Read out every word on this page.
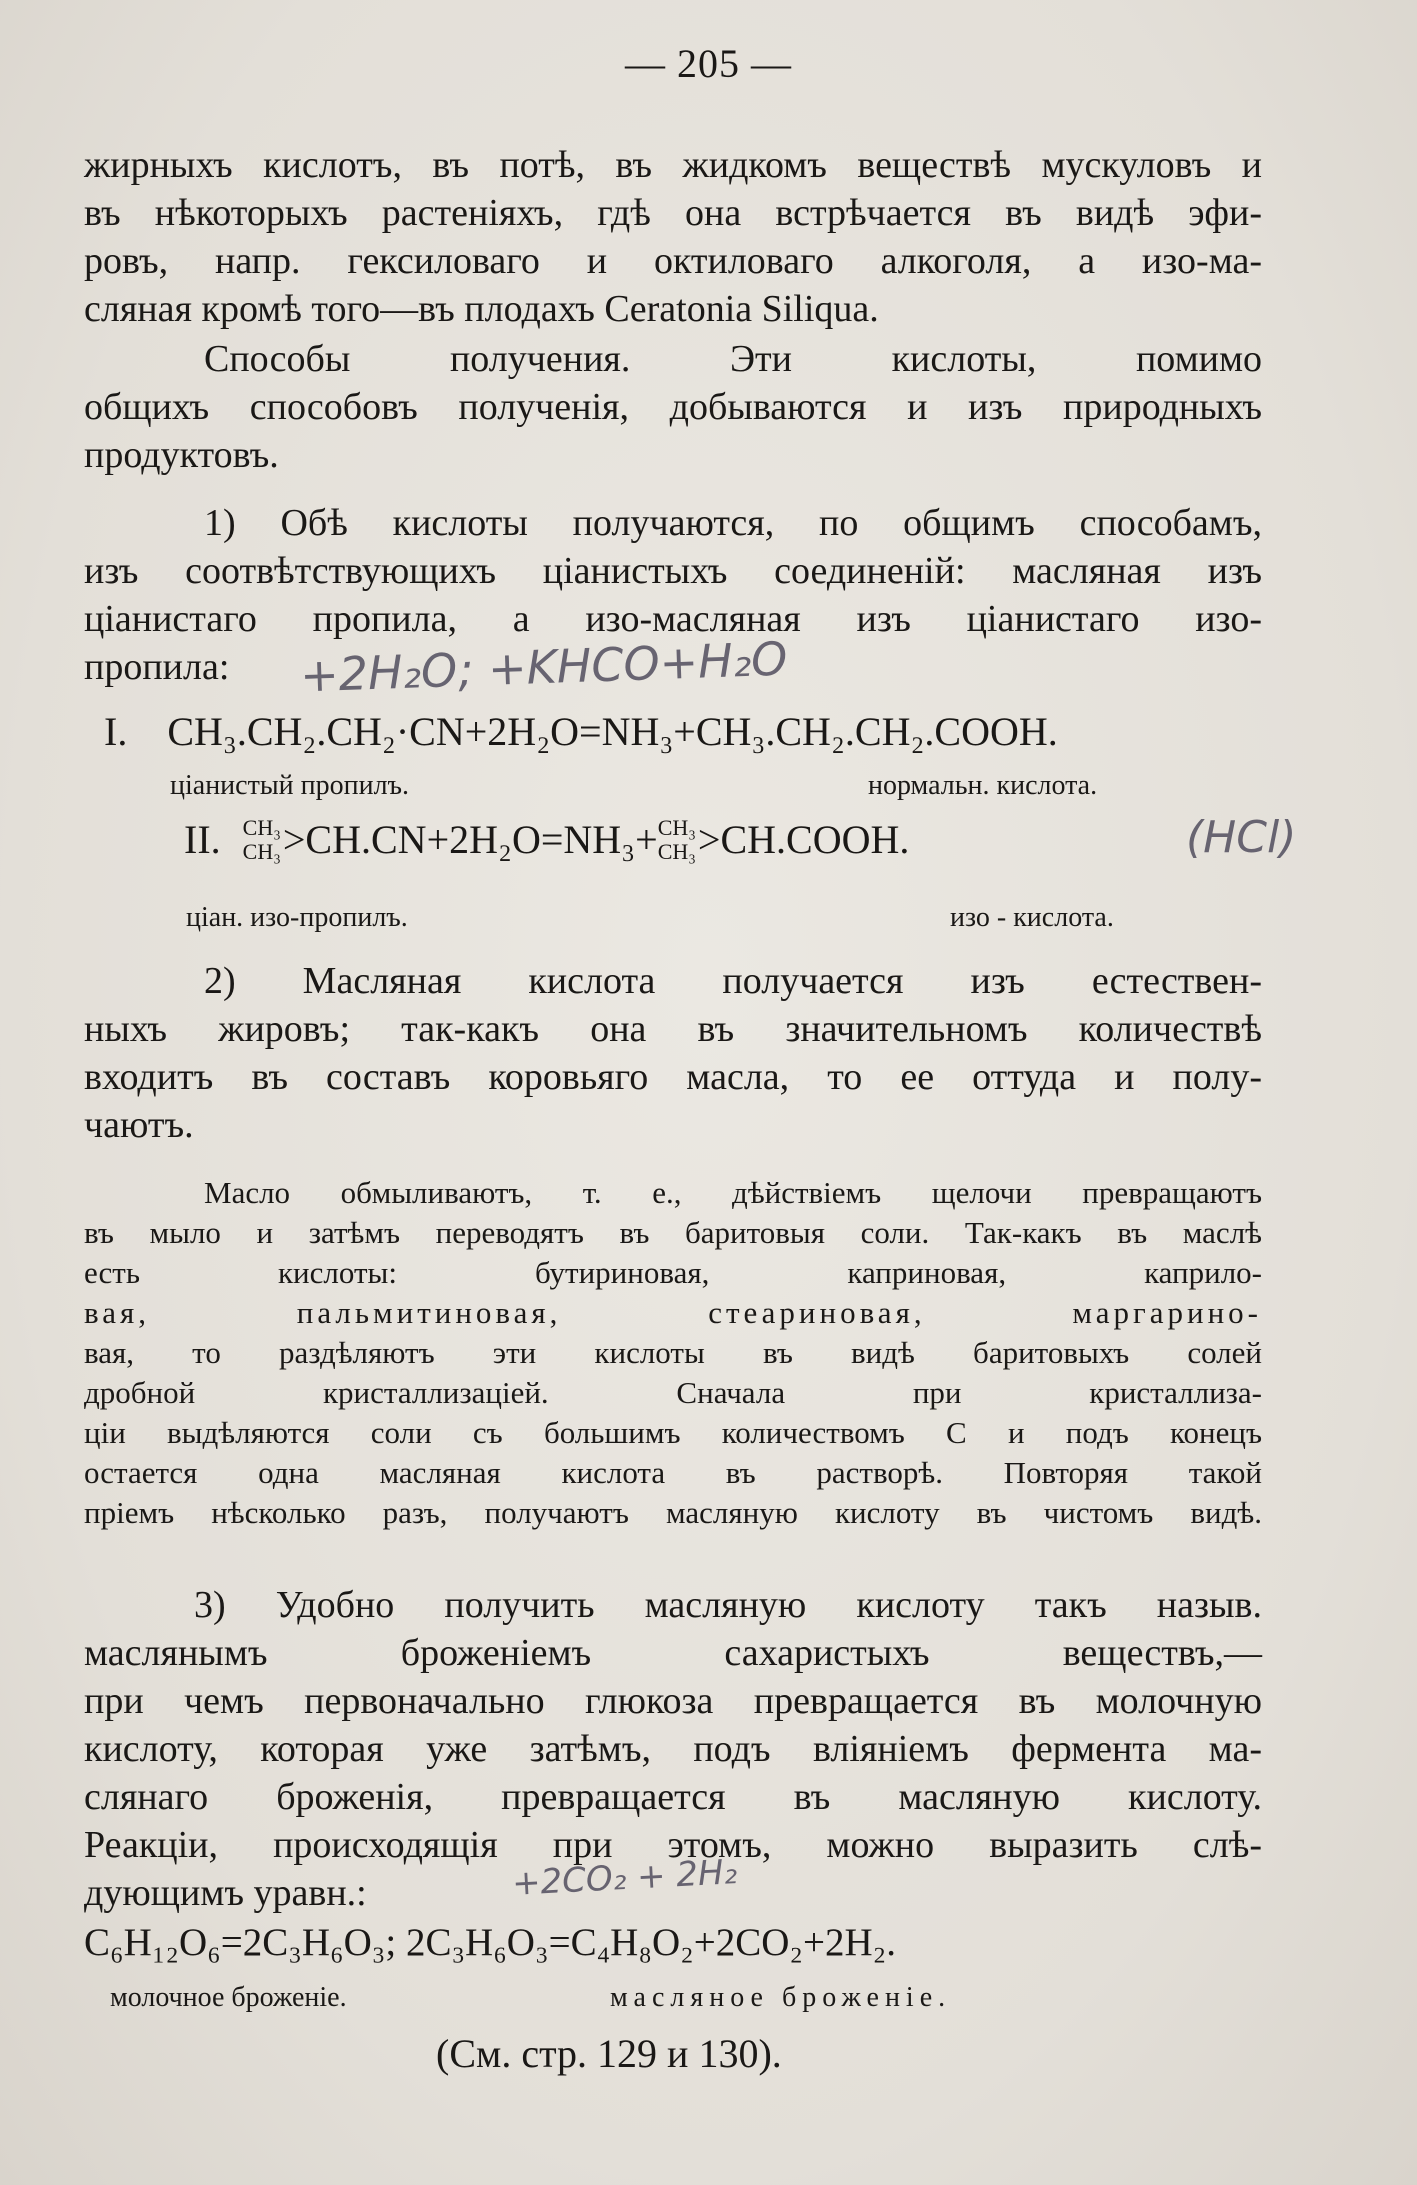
— 205 —
жирныхъ кислотъ, въ потѣ, въ жидкомъ веществѣ мускуловъ и
въ нѣкоторыхъ растеніяхъ, гдѣ она встрѣчается въ видѣ эфи-
ровъ, напр. гексиловаго и октиловаго алкоголя, а изо-ма-
сляная кромѣ того—въ плодахъ Ceratonia Siliqua.
Способы получения. Эти кислоты, помимо
общихъ способовъ полученія, добываются и изъ природныхъ
продуктовъ.
1) Обѣ кислоты получаются, по общимъ способамъ,
изъ соотвѣтствующихъ ціанистыхъ соединеній: масляная изъ
ціанистаго пропила, а изо-масляная изъ ціанистаго изо-
пропила:	+2H₂O; +KHCO+H₂O
I. CH₃.CH₂.CH₂·CN+2H₂O=NH₃+CH₃.CH₂.CH₂.COOH.
ціанистый пропилъ.	нормальн. кислота.
II. CH₃
CH₃ >CH.CN+2H₂O=NH₃+ CH₃
CH₃ >CH.COOH.	(HCl)
ціан. изо-пропилъ.	изо - кислота.
2) Масляная кислота получается изъ естествен-
ныхъ жировъ; так-какъ она въ значительномъ количествѣ
входитъ въ составъ коровьяго масла, то ее оттуда и полу-
чаютъ.
Масло обмыливаютъ, т. е., дѣйствіемъ щелочи превращаютъ
въ мыло и затѣмъ переводятъ въ баритовыя соли. Так-какъ въ маслѣ
есть кислоты: бутириновая, каприновая, каприло-
вая, пальмитиновая, стеариновая, маргарино-
вая, то раздѣляютъ эти кислоты въ видѣ баритовыхъ солей
дробной кристаллизаціей. Сначала при кристаллиза-
ціи выдѣляются соли съ большимъ количествомъ С и подъ конецъ
остается одна масляная кислота въ растворѣ. Повторяя такой
пріемъ нѣсколько разъ, получаютъ масляную кислоту въ чистомъ видѣ.
3) Удобно получить масляную кислоту такъ назыв.
маслянымъ броженіемъ сахаристыхъ веществъ,—
при чемъ первоначально глюкоза превращается въ молочную
кислоту, которая уже затѣмъ, подъ вліяніемъ фермента ма-
слянаго броженія, превращается въ масляную кислоту.
Реакціи, происходящія при этомъ, можно выразить слѣ-
дующимъ уравн.:	+2CO₂ + 2H₂
C₆H₁₂O₆=2C₃H₆O₃; 2C₃H₆O₃=C₄H₈O₂+2CO₂+2H₂.
молочное броженіе.	масляное броженіе.
(См. стр. 129 и 130).
